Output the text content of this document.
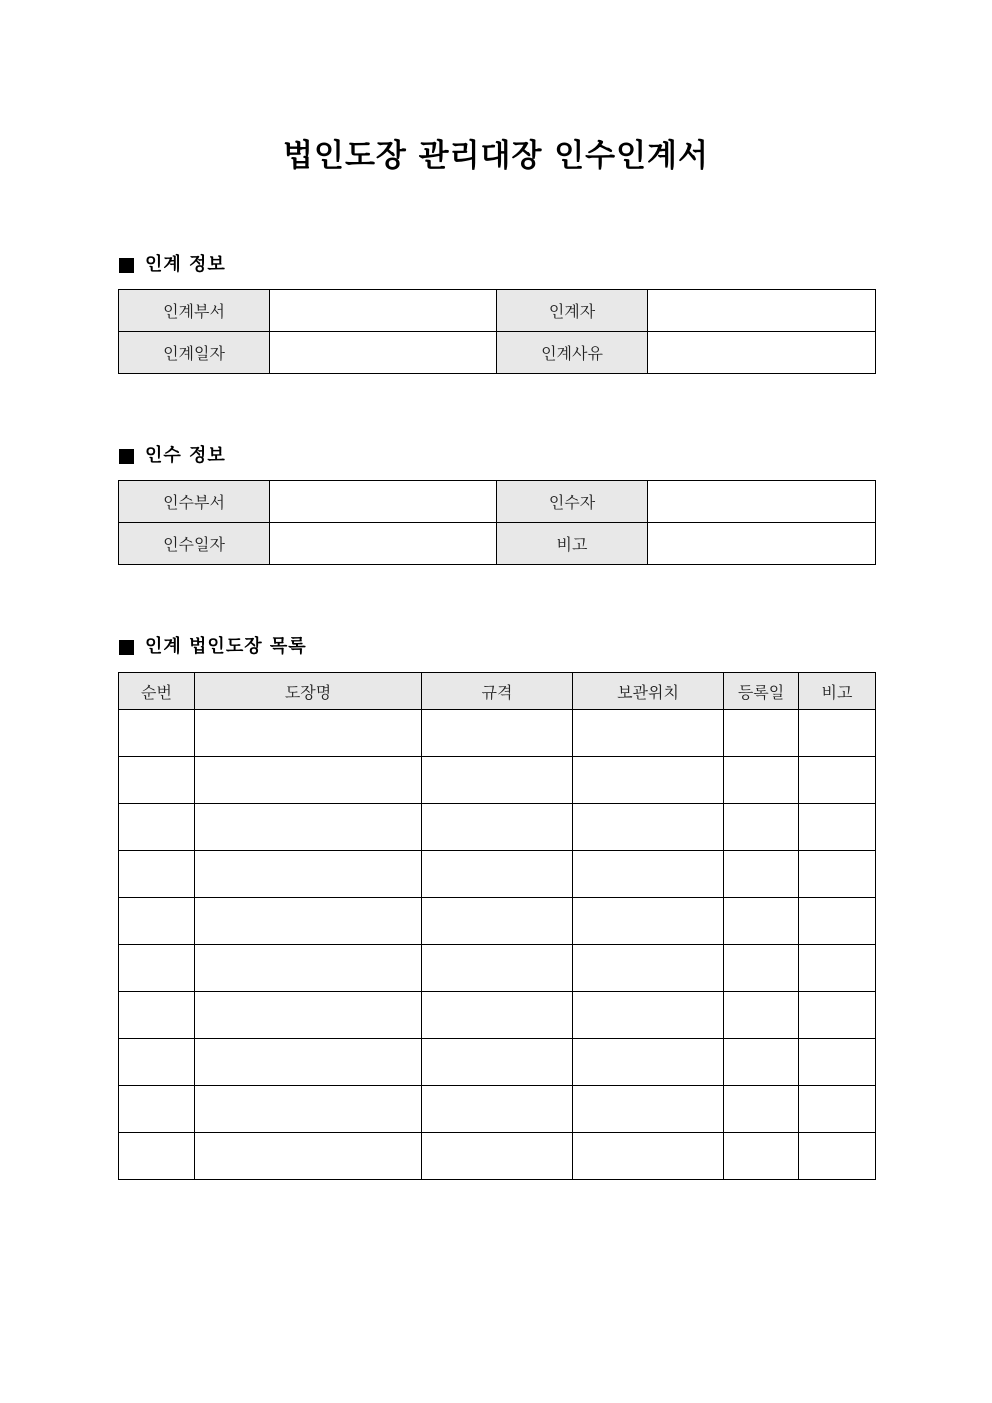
법인도장 관리대장 인수인계서
인계 정보
인계부서		인계자	
인계일자		인계사유	
인수 정보
인수부서		인수자	
인수일자		비고	
인계 법인도장 목록
순번	도장명	규격	보관위치	등록일	비고
